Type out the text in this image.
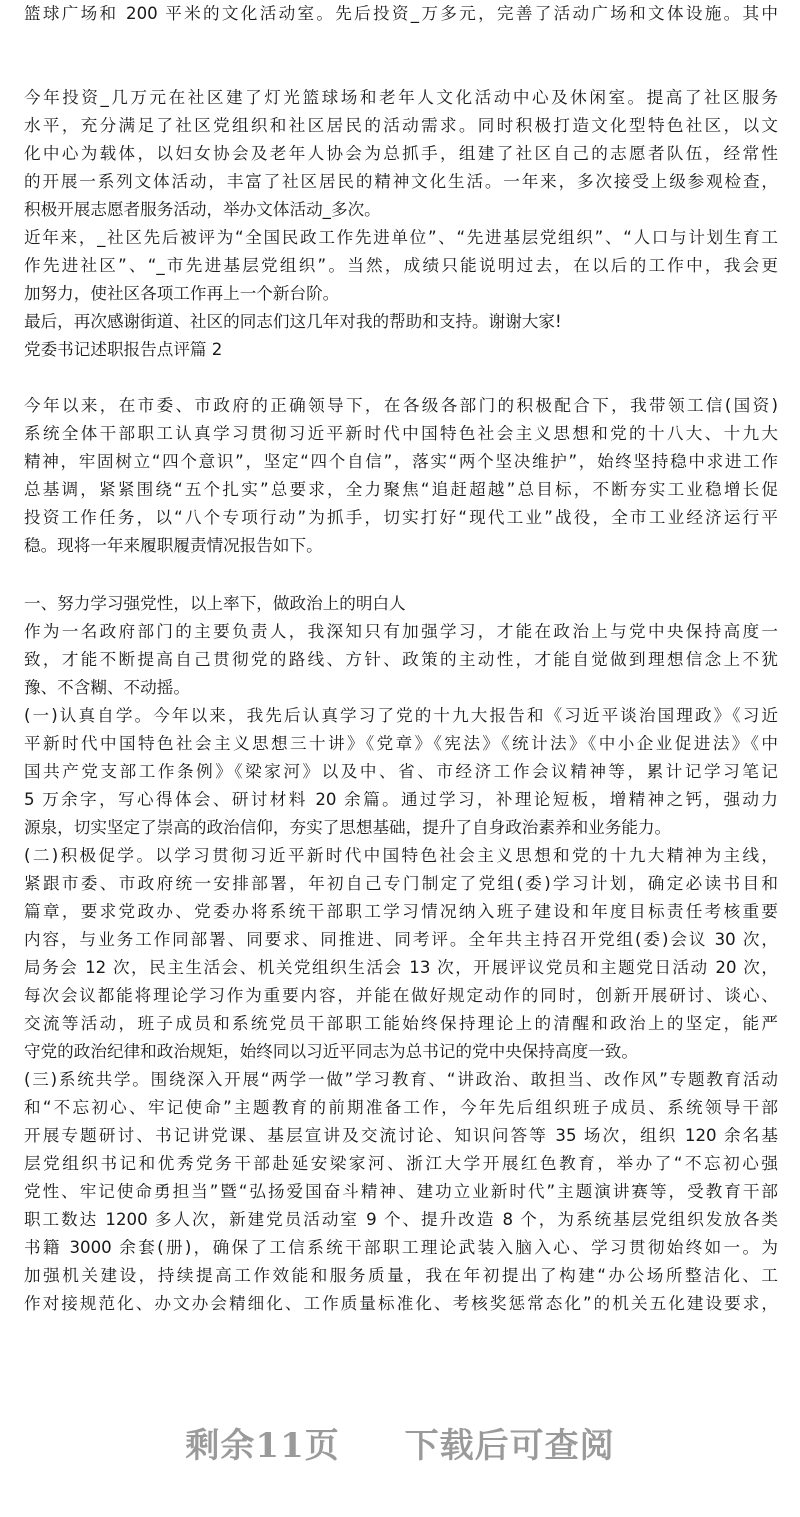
篮球广场和 200 平米的文化活动室。先后投资_万多元，完善了活动广场和文体设施。其中
今年投资_几万元在社区建了灯光篮球场和老年人文化活动中心及休闲室。提高了社区服务
水平，充分满足了社区党组织和社区居民的活动需求。同时积极打造文化型特色社区，以文
化中心为载体，以妇女协会及老年人协会为总抓手，组建了社区自己的志愿者队伍，经常性
的开展一系列文体活动，丰富了社区居民的精神文化生活。一年来，多次接受上级参观检查，
积极开展志愿者服务活动，举办文体活动_多次。
近年来，_社区先后被评为“全国民政工作先进单位”、“先进基层党组织”、“人口与计划生育工
作先进社区”、“_市先进基层党组织”。当然，成绩只能说明过去，在以后的工作中，我会更
加努力，使社区各项工作再上一个新台阶。
最后，再次感谢街道、社区的同志们这几年对我的帮助和支持。谢谢大家!
党委书记述职报告点评篇 2
今年以来，在市委、市政府的正确领导下，在各级各部门的积极配合下，我带领工信(国资)
系统全体干部职工认真学习贯彻习近平新时代中国特色社会主义思想和党的十八大、十九大
精神，牢固树立“四个意识”，坚定“四个自信”，落实“两个坚决维护”，始终坚持稳中求进工作
总基调，紧紧围绕“五个扎实”总要求，全力聚焦“追赶超越”总目标，不断夯实工业稳增长促
投资工作任务，以“八个专项行动”为抓手，切实打好“现代工业”战役，全市工业经济运行平
稳。现将一年来履职履责情况报告如下。
一、努力学习强党性，以上率下，做政治上的明白人
作为一名政府部门的主要负责人，我深知只有加强学习，才能在政治上与党中央保持高度一
致，才能不断提高自己贯彻党的路线、方针、政策的主动性，才能自觉做到理想信念上不犹
豫、不含糊、不动摇。
(一)认真自学。今年以来，我先后认真学习了党的十九大报告和《习近平谈治国理政》《习近
平新时代中国特色社会主义思想三十讲》《党章》《宪法》《统计法》《中小企业促进法》《中
国共产党支部工作条例》《梁家河》以及中、省、市经济工作会议精神等，累计记学习笔记
5 万余字，写心得体会、研讨材料 20 余篇。通过学习，补理论短板，增精神之钙，强动力
源泉，切实坚定了崇高的政治信仰，夯实了思想基础，提升了自身政治素养和业务能力。
(二)积极促学。以学习贯彻习近平新时代中国特色社会主义思想和党的十九大精神为主线，
紧跟市委、市政府统一安排部署，年初自己专门制定了党组(委)学习计划，确定必读书目和
篇章，要求党政办、党委办将系统干部职工学习情况纳入班子建设和年度目标责任考核重要
内容，与业务工作同部署、同要求、同推进、同考评。全年共主持召开党组(委)会议 30 次，
局务会 12 次，民主生活会、机关党组织生活会 13 次，开展评议党员和主题党日活动 20 次，
每次会议都能将理论学习作为重要内容，并能在做好规定动作的同时，创新开展研讨、谈心、
交流等活动，班子成员和系统党员干部职工能始终保持理论上的清醒和政治上的坚定，能严
守党的政治纪律和政治规矩，始终同以习近平同志为总书记的党中央保持高度一致。
(三)系统共学。围绕深入开展“两学一做”学习教育、“讲政治、敢担当、改作风”专题教育活动
和“不忘初心、牢记使命”主题教育的前期准备工作，今年先后组织班子成员、系统领导干部
开展专题研讨、书记讲党课、基层宣讲及交流讨论、知识问答等 35 场次，组织 120 余名基
层党组织书记和优秀党务干部赴延安梁家河、浙江大学开展红色教育，举办了“不忘初心强
党性、牢记使命勇担当”暨“弘扬爱国奋斗精神、建功立业新时代”主题演讲赛等，受教育干部
职工数达 1200 多人次，新建党员活动室 9 个、提升改造 8 个，为系统基层党组织发放各类
书籍 3000 余套(册)，确保了工信系统干部职工理论武装入脑入心、学习贯彻始终如一。为
加强机关建设，持续提高工作效能和服务质量，我在年初提出了构建“办公场所整洁化、工
作对接规范化、办文办会精细化、工作质量标准化、考核奖惩常态化”的机关五化建设要求，
剩余11页 下载后可查阅
